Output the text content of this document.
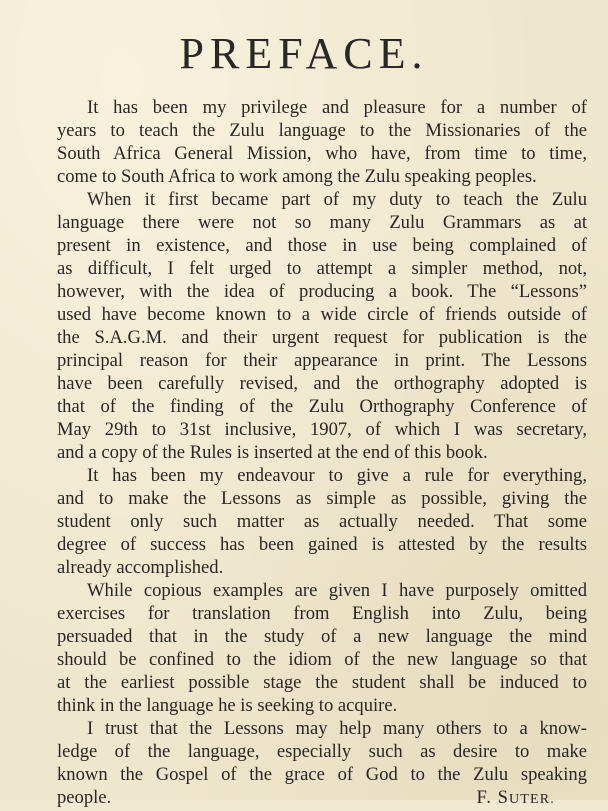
PREFACE.
It has been my privilege and pleasure for a number of
years to teach the Zulu language to the Missionaries of the
South Africa General Mission, who have, from time to time,
come to South Africa to work among the Zulu speaking peoples.
When it first became part of my duty to teach the Zulu
language there were not so many Zulu Grammars as at
present in existence, and those in use being complained of
as difficult, I felt urged to attempt a simpler method, not,
however, with the idea of producing a book. The “Lessons”
used have become known to a wide circle of friends outside of
the S.A.G.M. and their urgent request for publication is the
principal reason for their appearance in print. The Lessons
have been carefully revised, and the orthography adopted is
that of the finding of the Zulu Orthography Conference of
May 29th to 31st inclusive, 1907, of which I was secretary,
and a copy of the Rules is inserted at the end of this book.
It has been my endeavour to give a rule for everything,
and to make the Lessons as simple as possible, giving the
student only such matter as actually needed. That some
degree of success has been gained is attested by the results
already accomplished.
While copious examples are given I have purposely omitted
exercises for translation from English into Zulu, being
persuaded that in the study of a new language the mind
should be confined to the idiom of the new language so that
at the earliest possible stage the student shall be induced to
think in the language he is seeking to acquire.
I trust that the Lessons may help many others to a know-
ledge of the language, especially such as desire to make
known the Gospel of the grace of God to the Zulu speaking
people.	F. SUTER.
